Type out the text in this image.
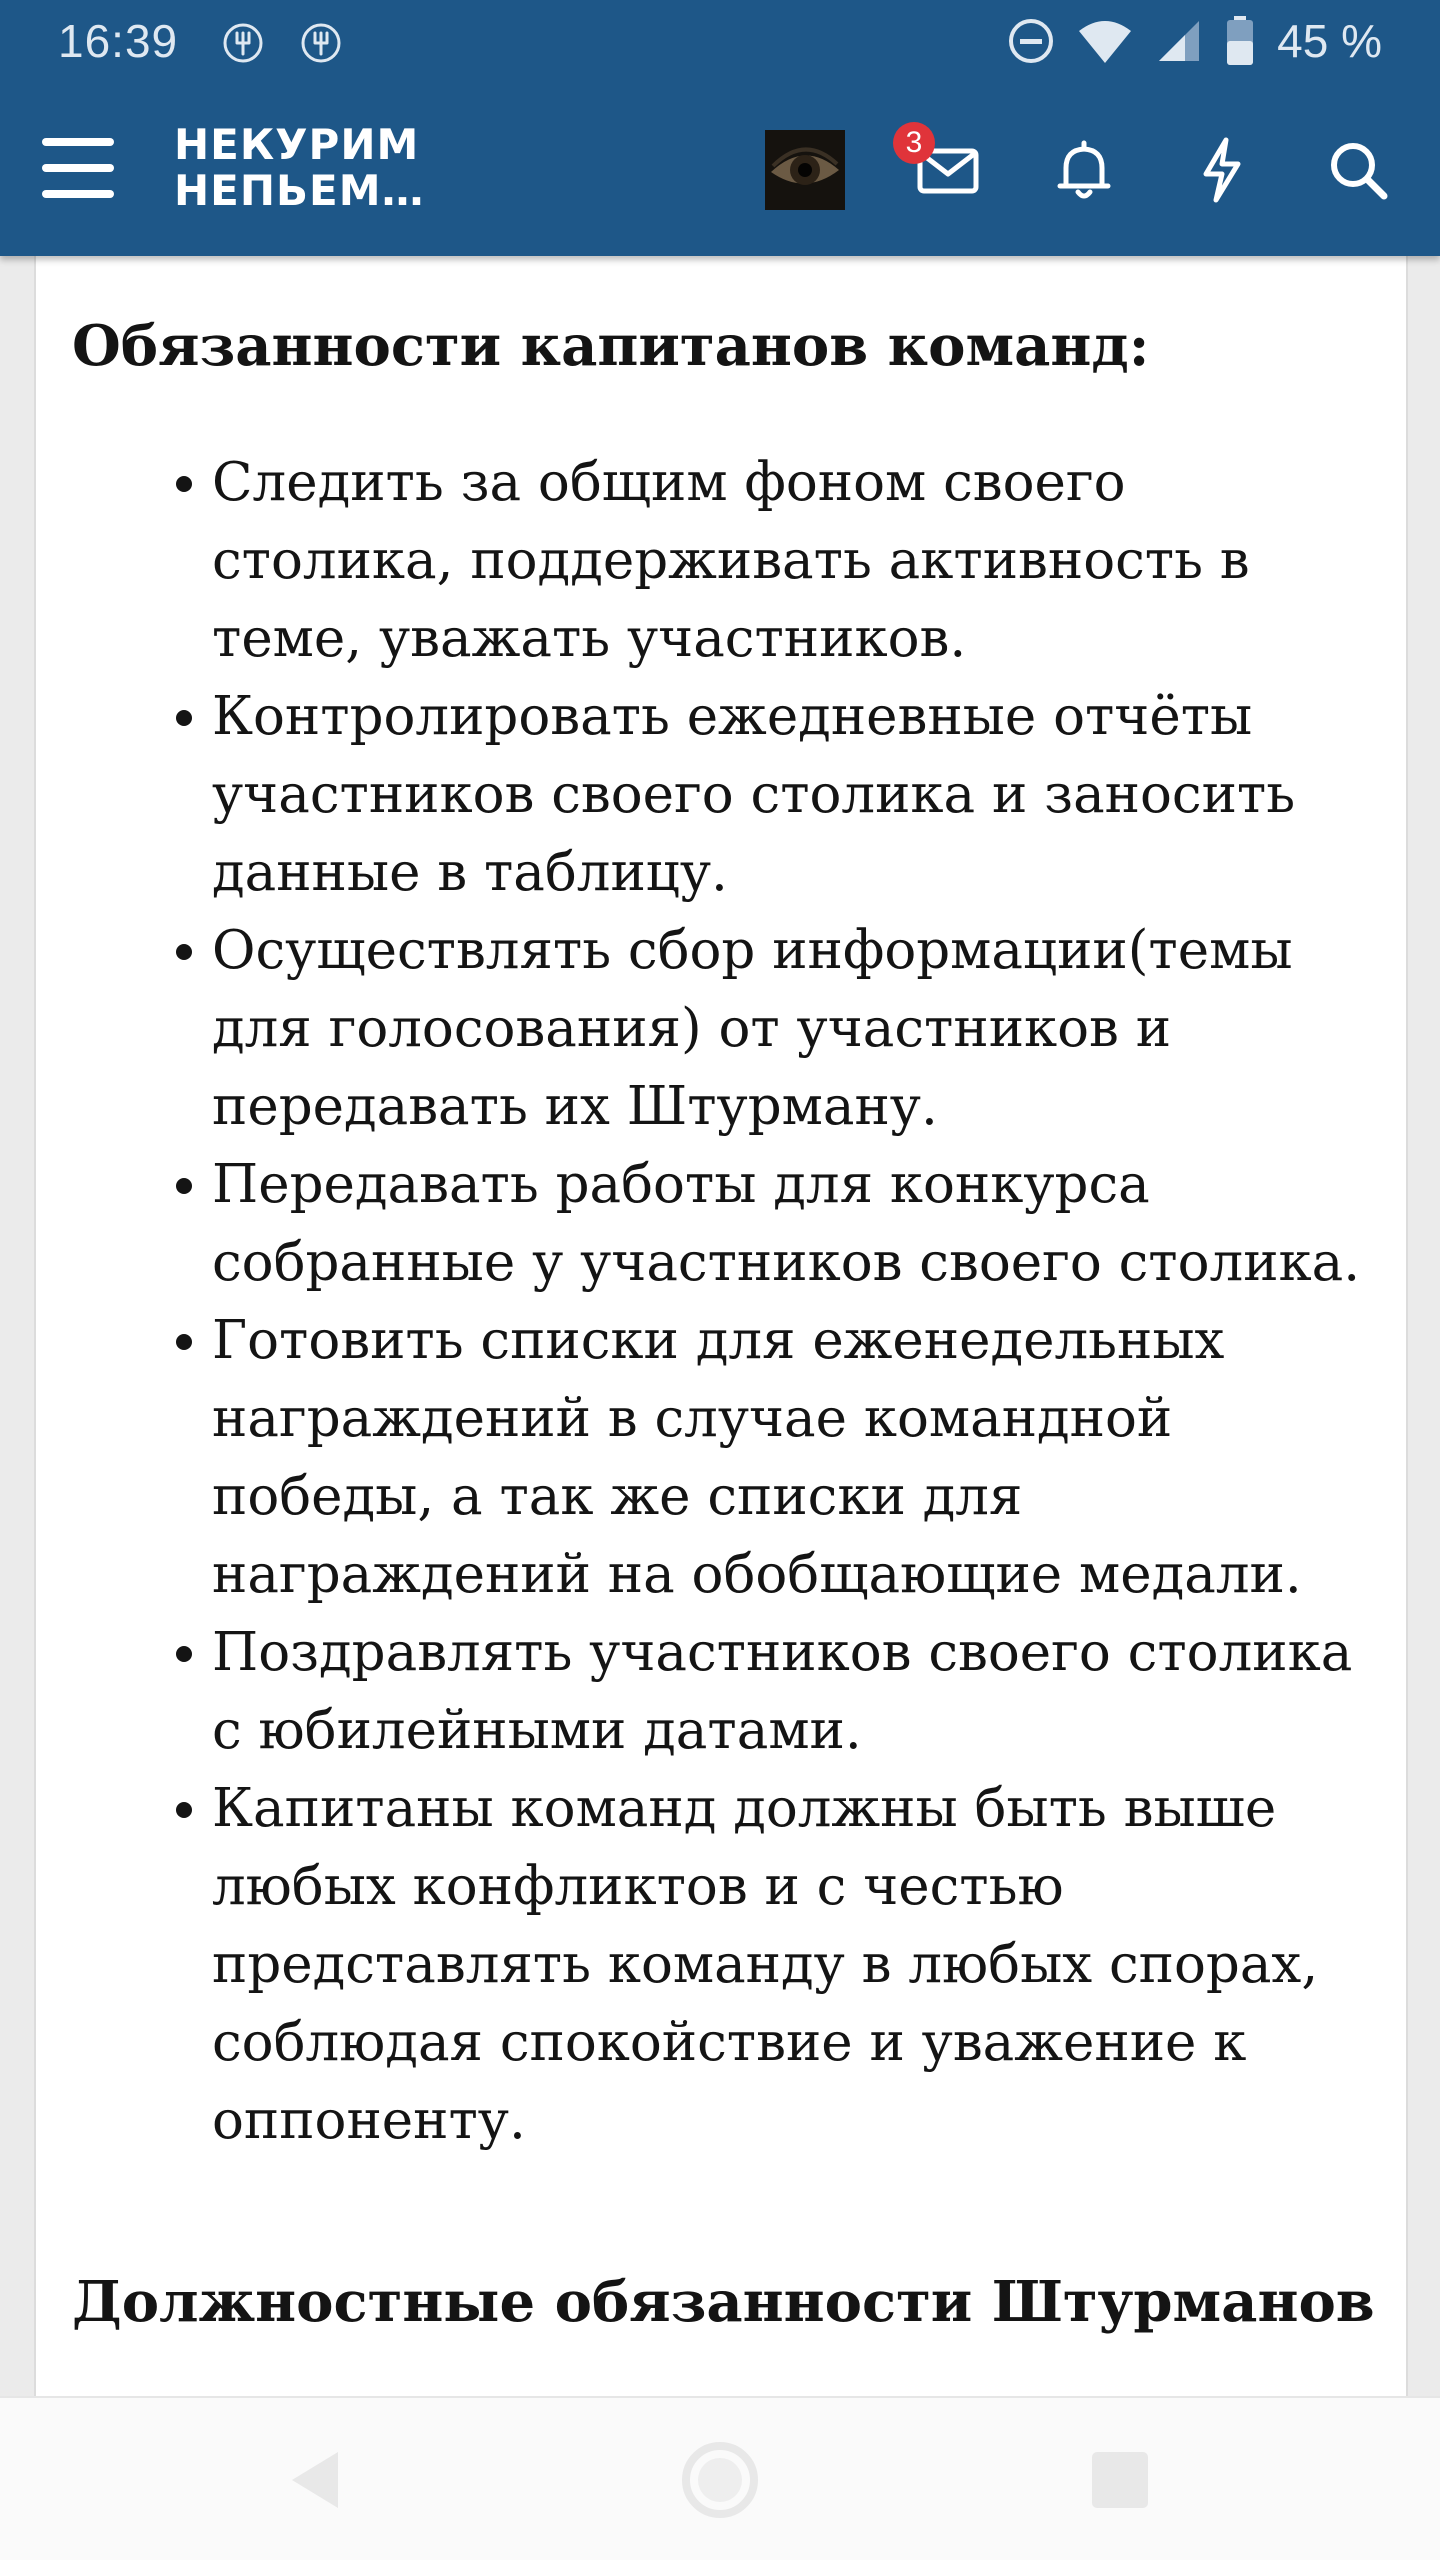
16:39	45 %
НЕКУРИМ
НЕПЬЕМ…
3
Обязанности капитанов команд:
Следить за общим фоном своего
столика, поддерживать активность в
теме, уважать участников.
Контролировать ежедневные отчёты
участников своего столика и заносить
данные в таблицу.
Осуществлять сбор информации(темы
для голосования) от участников и
передавать их Штурману.
Передавать работы для конкурса
собранные у участников своего столика.
Готовить списки для еженедельных
награждений в случае командной
победы, а так же списки для
награждений на обобщающие медали.
Поздравлять участников своего столика
с юбилейными датами.
Капитаны команд должны быть выше
любых конфликтов и с честью
представлять команду в любых спорах,
соблюдая спокойствие и уважение к
оппоненту.
Должностные обязанности Штурманов
